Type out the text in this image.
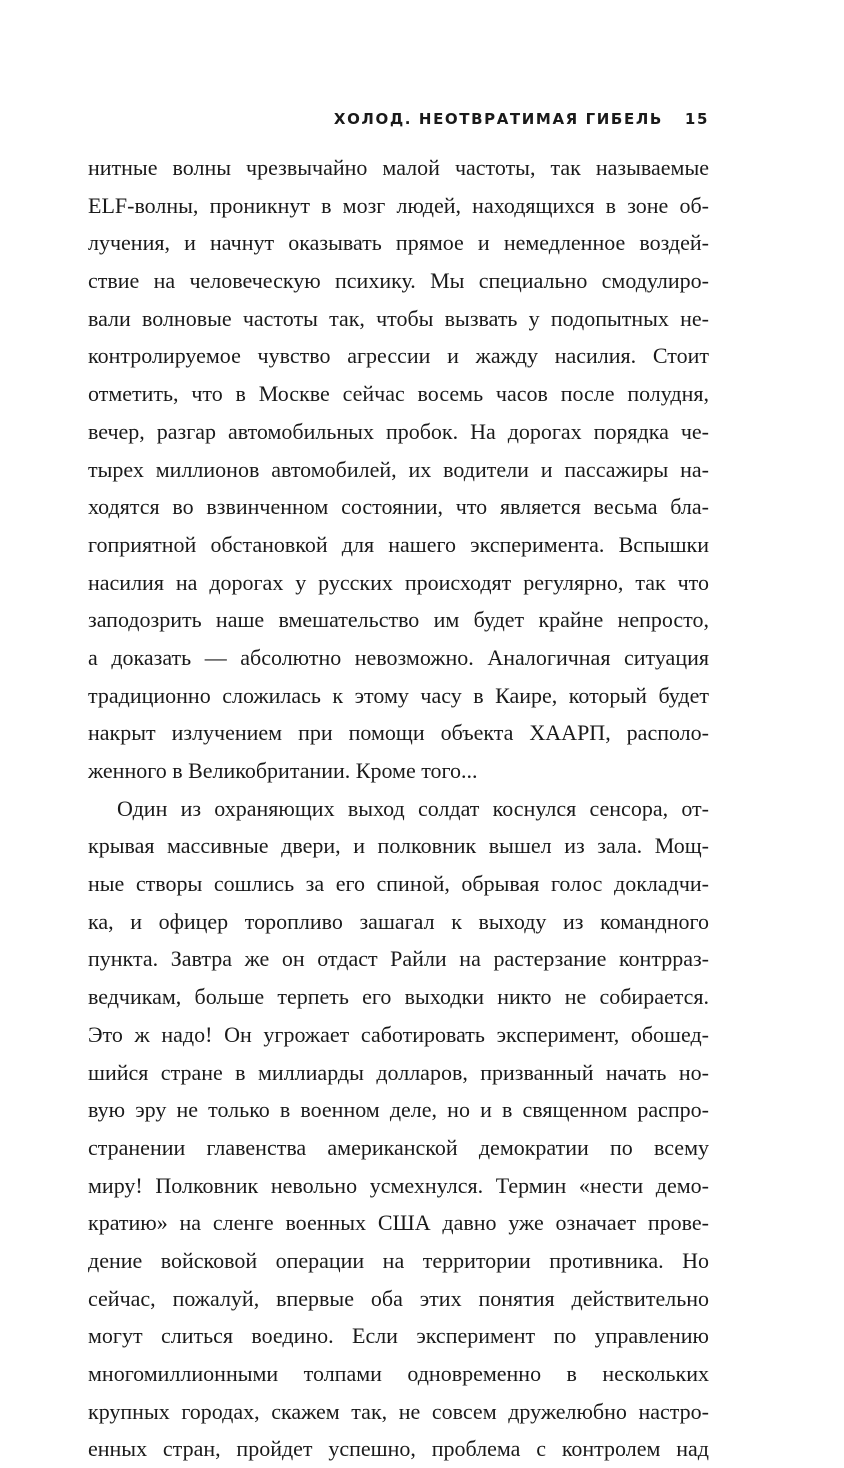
ХОЛОД. НЕОТВРАТИМАЯ ГИБЕЛЬ 15
нитные волны чрезвычайно малой частоты, так называемые
ELF-волны, проникнут в мозг людей, находящихся в зоне об-
лучения, и начнут оказывать прямое и немедленное воздей-
ствие на человеческую психику. Мы специально смодулиро-
вали волновые частоты так, чтобы вызвать у подопытных не-
контролируемое чувство агрессии и жажду насилия. Стоит
отметить, что в Москве сейчас восемь часов после полудня,
вечер, разгар автомобильных пробок. На дорогах порядка че-
тырех миллионов автомобилей, их водители и пассажиры на-
ходятся во взвинченном состоянии, что является весьма бла-
гоприятной обстановкой для нашего эксперимента. Вспышки
насилия на дорогах у русских происходят регулярно, так что
заподозрить наше вмешательство им будет крайне непросто,
а доказать — абсолютно невозможно. Аналогичная ситуация
традиционно сложилась к этому часу в Каире, который будет
накрыт излучением при помощи объекта ХААРП, располо-
женного в Великобритании. Кроме того...
Один из охраняющих выход солдат коснулся сенсора, от-
крывая массивные двери, и полковник вышел из зала. Мощ-
ные створы сошлись за его спиной, обрывая голос докладчи-
ка, и офицер торопливо зашагал к выходу из командного
пункта. Завтра же он отдаст Райли на растерзание контрраз-
ведчикам, больше терпеть его выходки никто не собирается.
Это ж надо! Он угрожает саботировать эксперимент, обошед-
шийся стране в миллиарды долларов, призванный начать но-
вую эру не только в военном деле, но и в священном распро-
странении главенства американской демократии по всему
миру! Полковник невольно усмехнулся. Термин «нести демо-
кратию» на сленге военных США давно уже означает прове-
дение войсковой операции на территории противника. Но
сейчас, пожалуй, впервые оба этих понятия действительно
могут слиться воедино. Если эксперимент по управлению
многомиллионными толпами одновременно в нескольких
крупных городах, скажем так, не совсем дружелюбно настро-
енных стран, пройдет успешно, проблема с контролем над
